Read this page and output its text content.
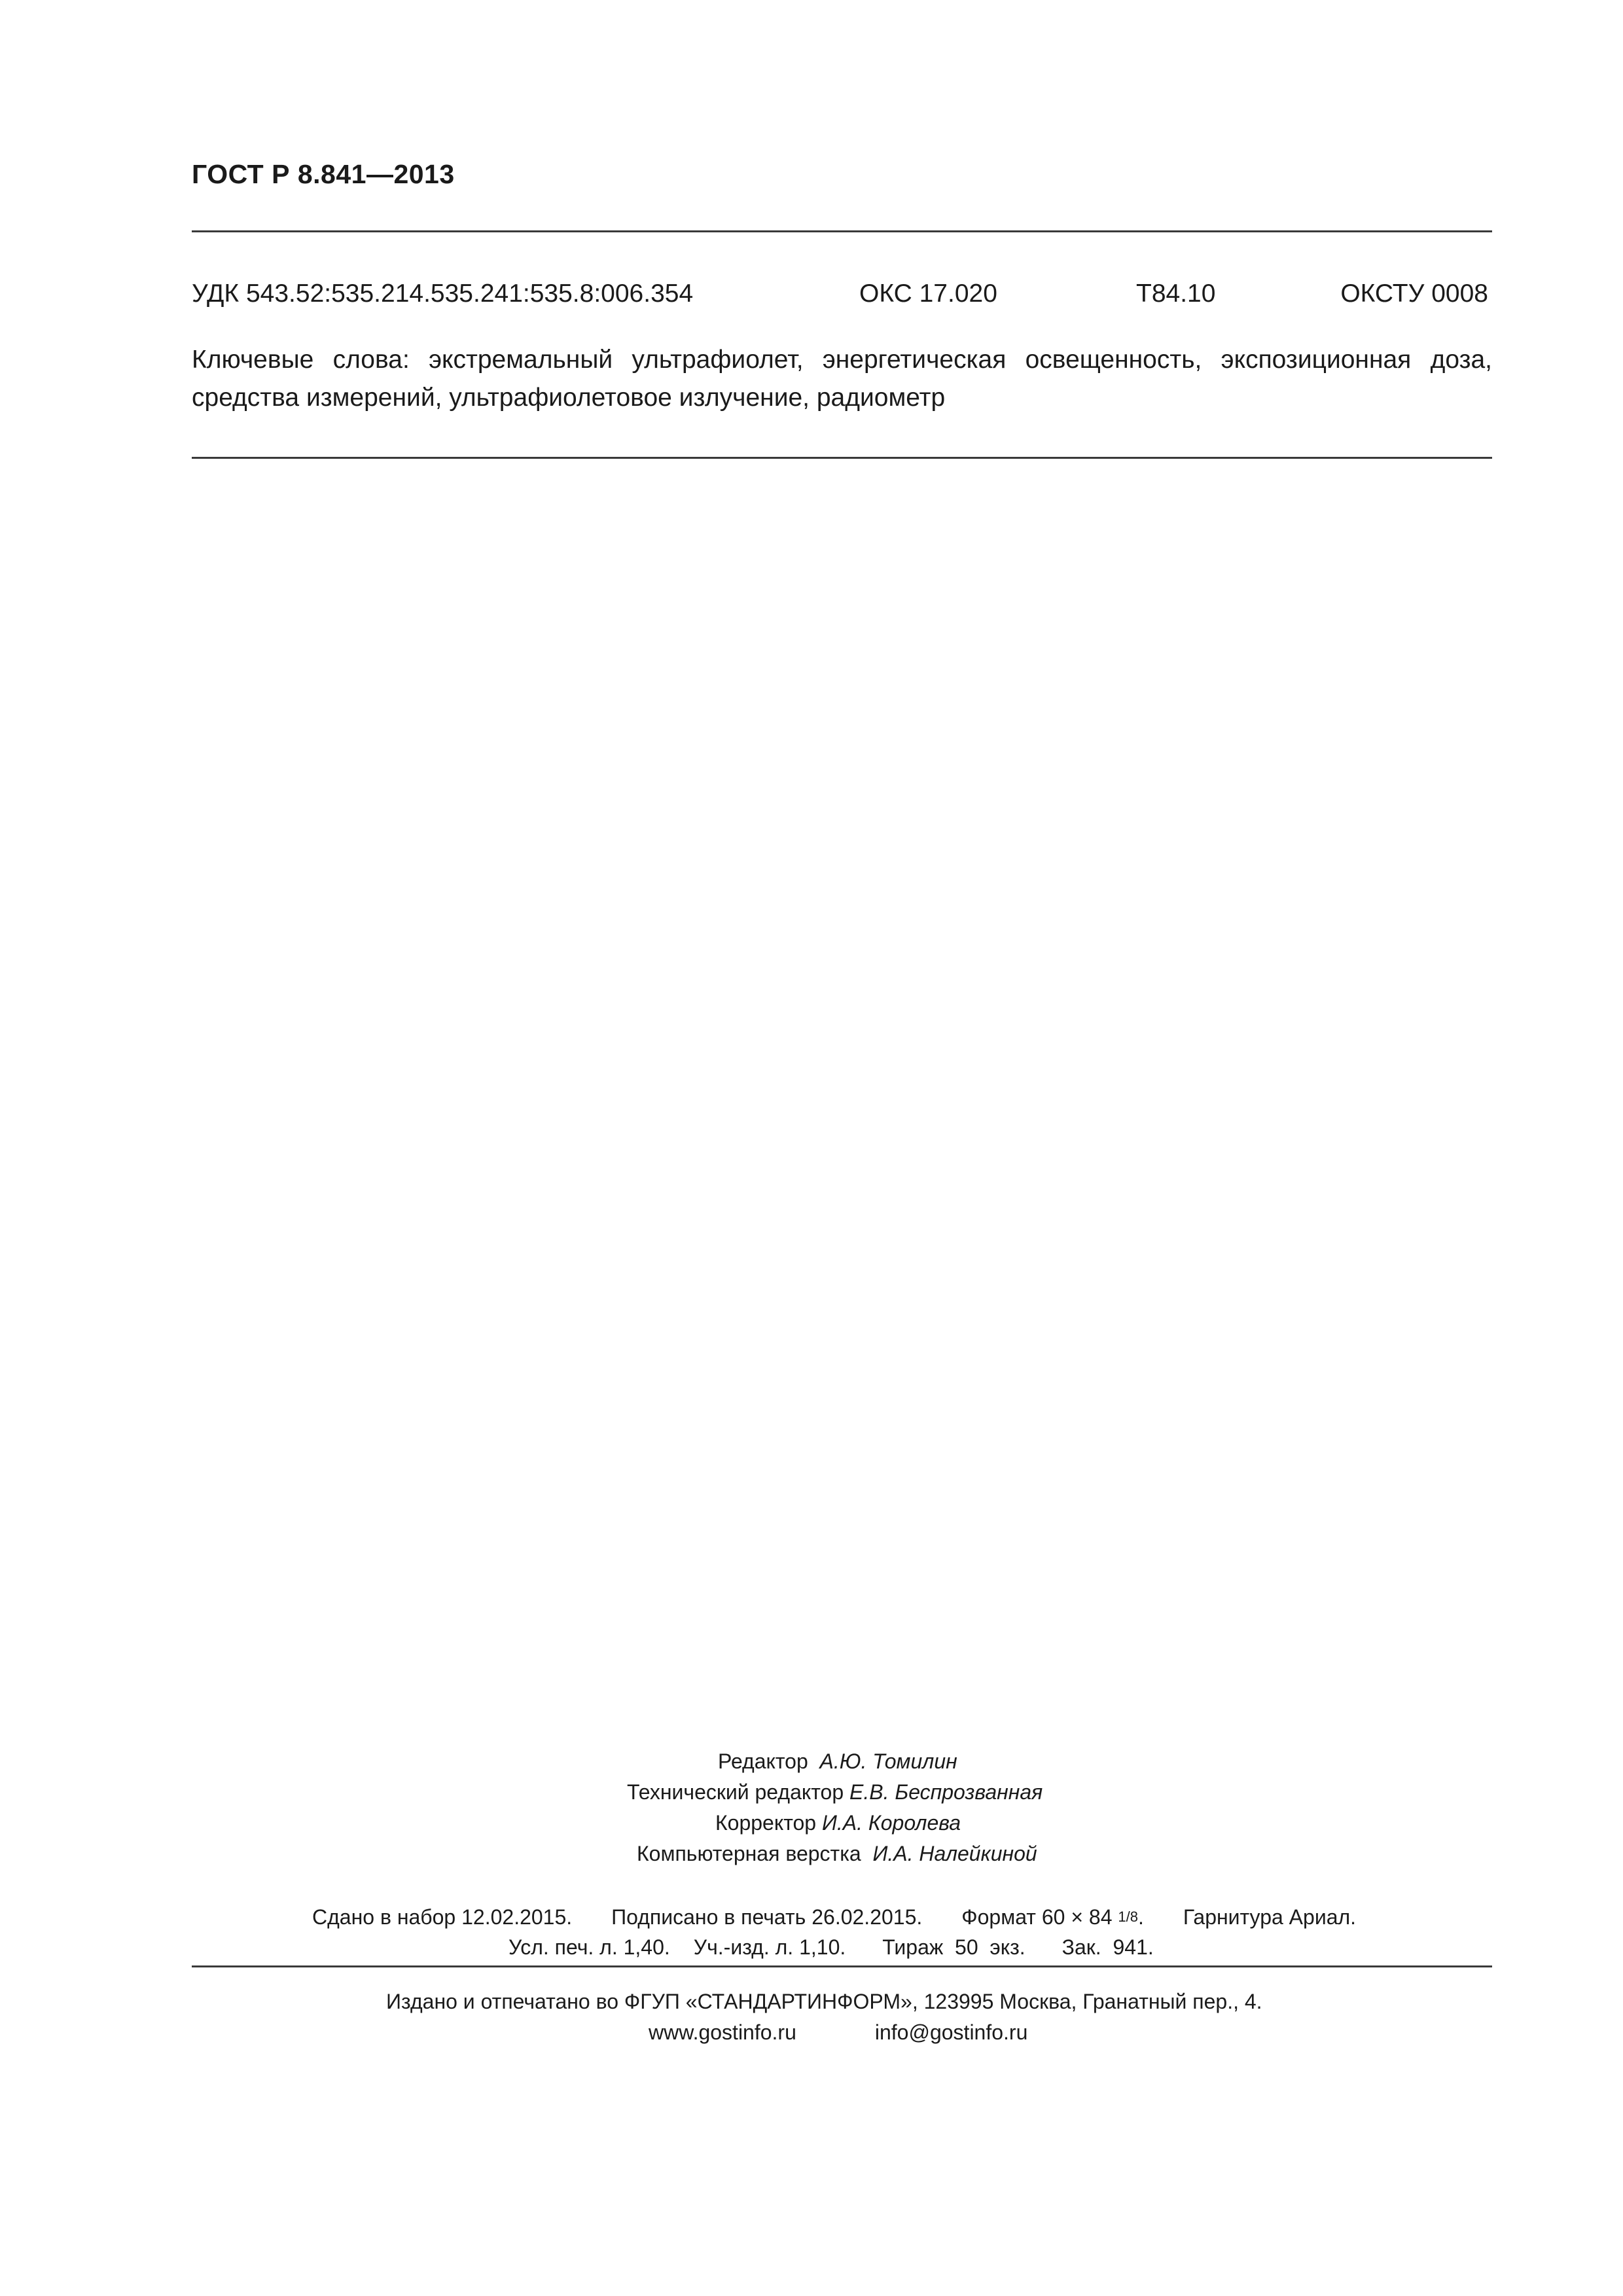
ГОСТ Р 8.841—2013
УДК 543.52:535.214.535.241:535.8:006.354	ОКС 17.020	Т84.10	ОКСТУ 0008
Ключевые слова: экстремальный ультрафиолет, энергетическая освещенность, экспозиционная доза, средства измерений, ультрафиолетовое излучение, радиометр
Редактор А.Ю. Томилин
Технический редактор Е.В. Беспрозванная
Корректор И.А. Королева
Компьютерная верстка И.А. Налейкиной
Сдано в набор 12.02.2015. Подписано в печать 26.02.2015. Формат 60 × 84 1/8. Гарнитура Ариал.
Усл. печ. л. 1,40. Уч.-изд. л. 1,10. Тираж 50 экз. Зак. 941.
Издано и отпечатано во ФГУП «СТАНДАРТИНФОРМ», 123995 Москва, Гранатный пер., 4.
www.gostinfo.ru	info@gostinfo.ru
